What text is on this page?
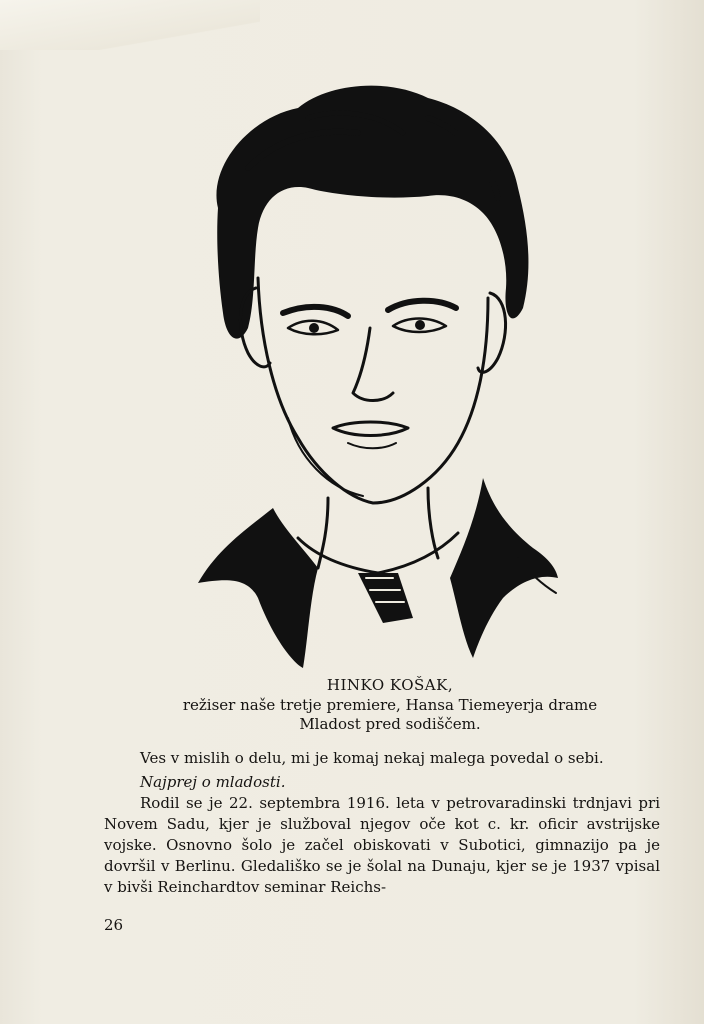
HINKO KOŠAK,
režiser naše tretje premiere, Hansa Tiemeyerja drame
Mladost pred sodiščem.
Ves v mislih o delu, mi je komaj nekaj malega povedal o sebi.
Najprej o mladosti.
Rodil se je 22. septembra 1916. leta v petrovaradinski trdnjavi pri Novem Sadu, kjer je služboval njegov oče kot c. kr. oficir avstrijske vojske. Osnovno šolo je začel obiskovati v Subotici, gimnazijo pa je dovršil v Berlinu. Gledališko se je šolal na Dunaju, kjer se je 1937 vpisal v bivši Reinchardtov seminar Reichs-
26
